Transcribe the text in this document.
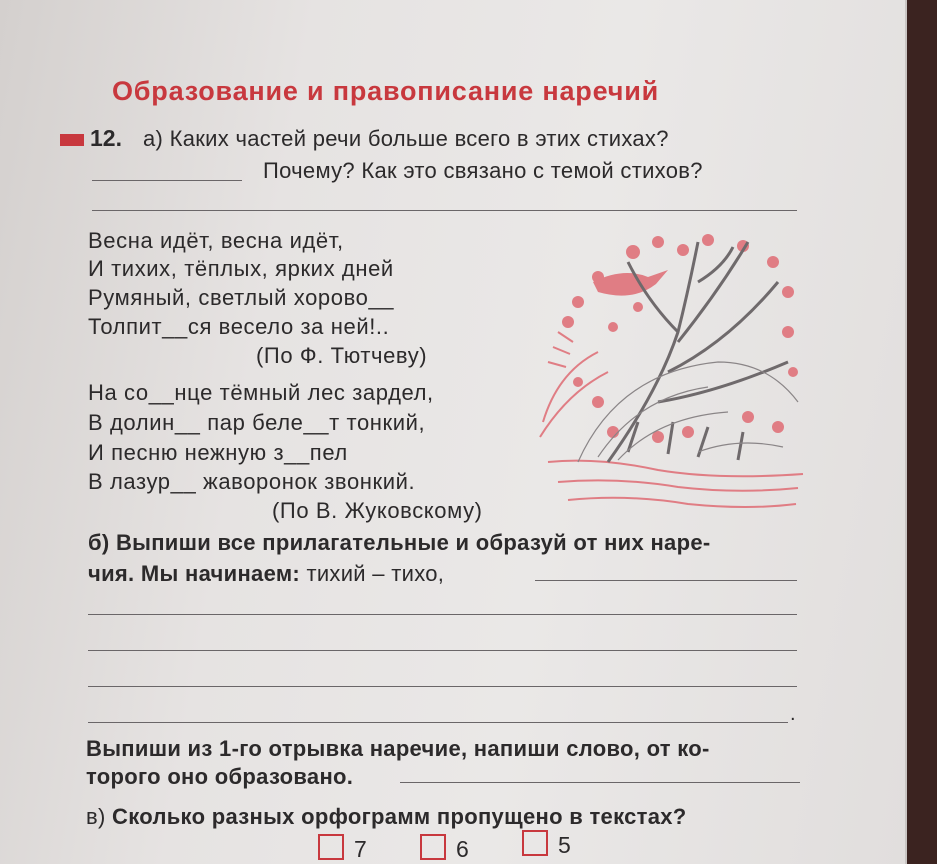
Образование и правописание наречий
12. а) Каких частей речи больше всего в этих стихах?
Почему? Как это связано с темой стихов?
Весна идёт, весна идёт,
И тихих, тёплых, ярких дней
Румяный, светлый хорово__
Толпит__ся весело за ней!..
(По Ф. Тютчеву)
На со__нце тёмный лес зардел,
В долин__ пар беле__т тонкий,
И песню нежную з__пел
В лазур__ жаворонок звонкий.
(По В. Жуковскому)
б) Выпиши все прилагательные и образуй от них наре-
чия. Мы начинаем: тихий – тихо,
.
Выпиши из 1-го отрывка наречие, напиши слово, от ко-
торого оно образовано.
в) Сколько разных орфограмм пропущено в текстах?
7	6	5
